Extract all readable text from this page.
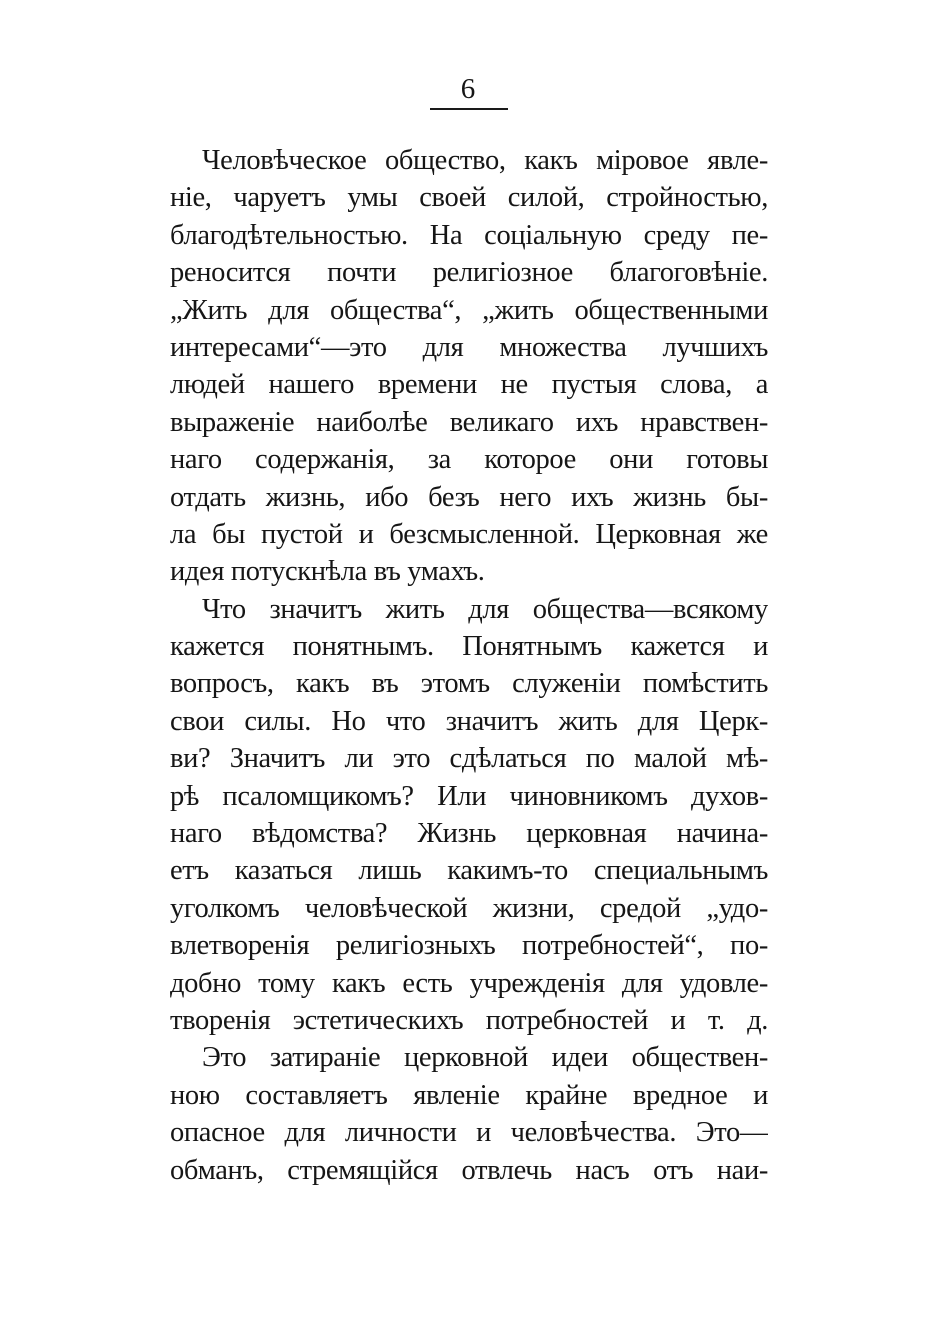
6
Человѣческое общество, какъ міровое явле-
ніе, чаруетъ умы своей силой, стройностью,
благодѣтельностью. На соціальную среду пе-
реносится почти религіозное благоговѣніе.
„Жить для общества“, „жить общественными
интересами“—это для множества лучшихъ
людей нашего времени не пустыя слова, а
выраженіе наиболѣе великаго ихъ нравствен-
наго содержанія, за которое они готовы
отдать жизнь, ибо безъ него ихъ жизнь бы-
ла бы пустой и безсмысленной. Церковная же
идея потускнѣла въ умахъ.
Что значитъ жить для общества—всякому
кажется понятнымъ. Понятнымъ кажется и
вопросъ, какъ въ этомъ служеніи помѣстить
свои силы. Но что значитъ жить для Церк-
ви? Значитъ ли это сдѣлаться по малой мѣ-
рѣ псаломщикомъ? Или чиновникомъ духов-
наго вѣдомства? Жизнь церковная начина-
етъ казаться лишь какимъ-то специальнымъ
уголкомъ человѣческой жизни, средой „удо-
влетворенія религіозныхъ потребностей“, по-
добно тому какъ есть учрежденія для удовле-
творенія эстетическихъ потребностей и т. д.
Это затираніе церковной идеи обществен-
ною составляетъ явленіе крайне вредное и
опасное для личности и человѣчества. Это—
обманъ, стремящійся отвлечь насъ отъ наи-
